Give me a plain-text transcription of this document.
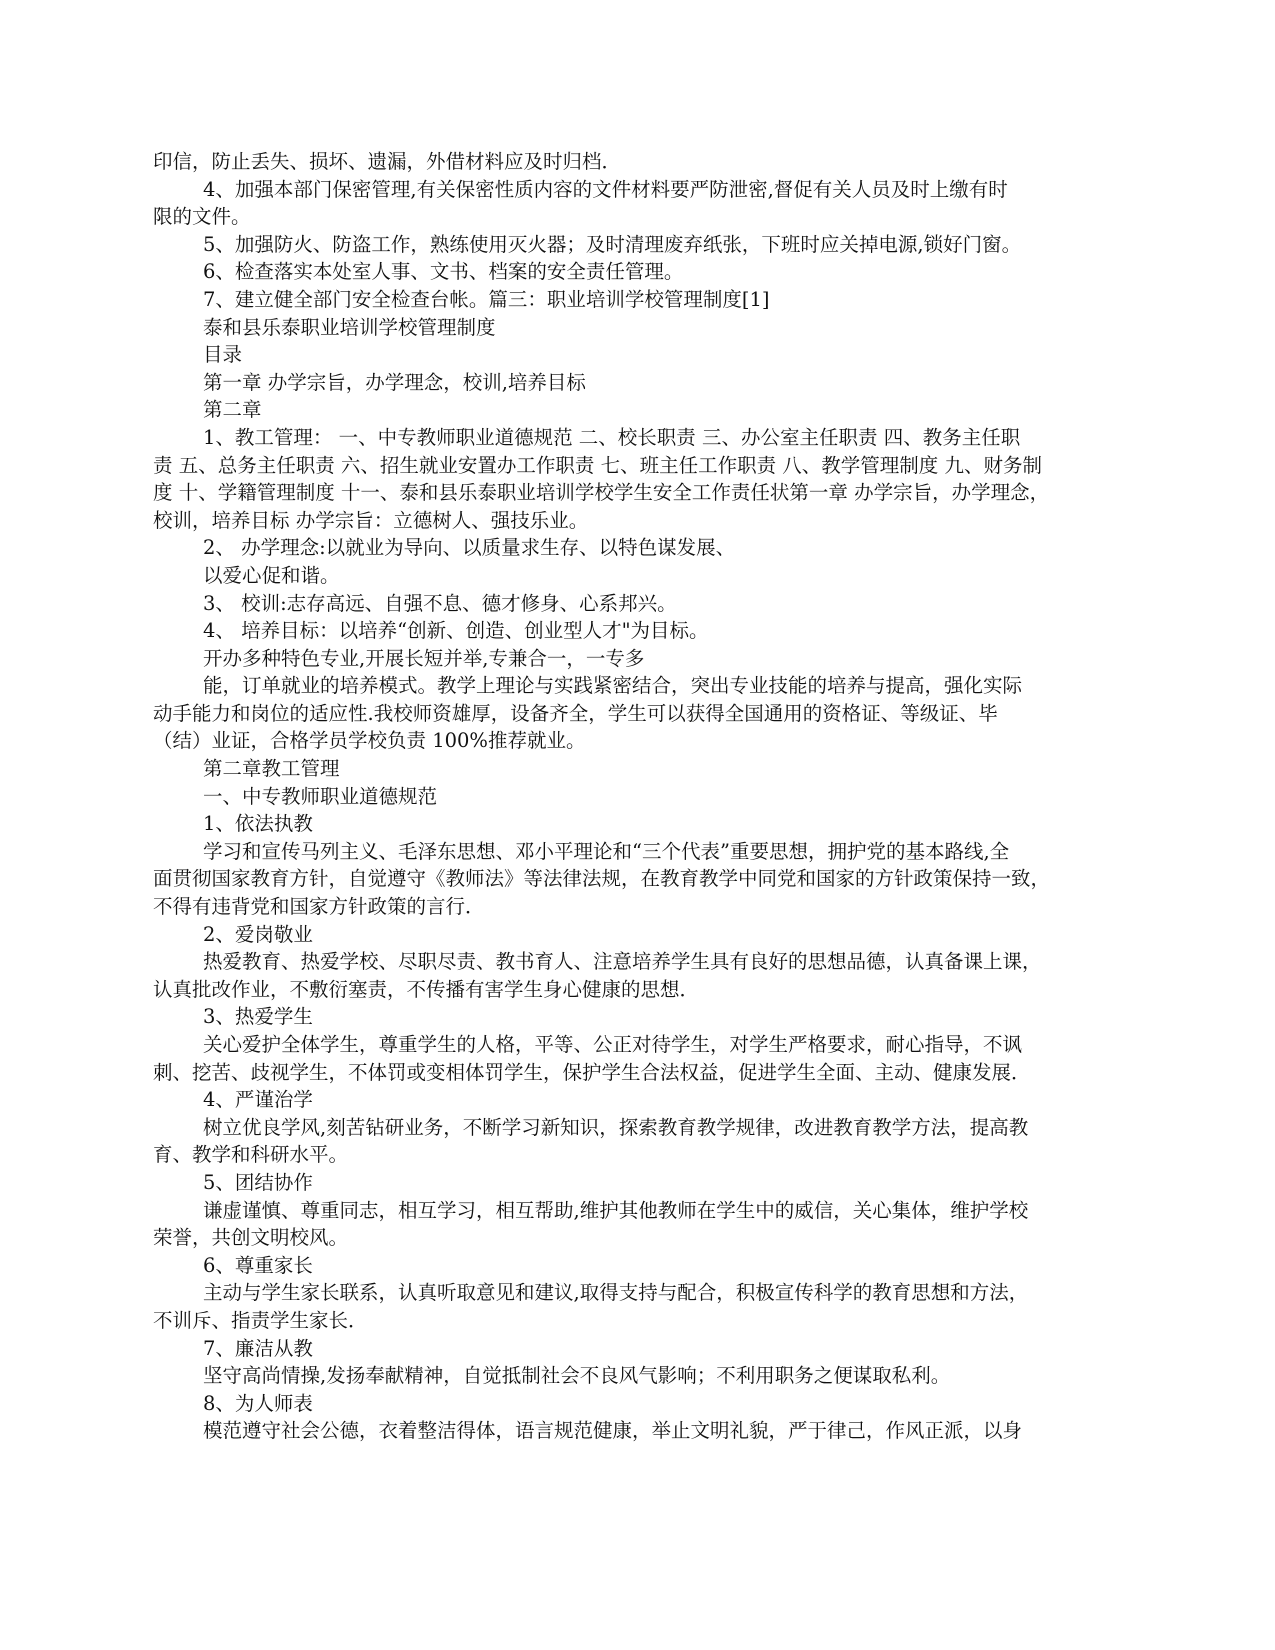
印信，防止丢失、损坏、遗漏，外借材料应及时归档．
4、加强本部门保密管理,有关保密性质内容的文件材料要严防泄密,督促有关人员及时上缴有时
限的文件。
5、加强防火、防盗工作，熟练使用灭火器；及时清理废弃纸张，下班时应关掉电源,锁好门窗。
6、检查落实本处室人事、文书、档案的安全责任管理。
7、建立健全部门安全检查台帐。篇三：职业培训学校管理制度[1]
泰和县乐泰职业培训学校管理制度
目录
第一章 办学宗旨，办学理念，校训,培养目标
第二章
1、教工管理： 一、中专教师职业道德规范 二、校长职责 三、办公室主任职责 四、教务主任职
责 五、总务主任职责 六、招生就业安置办工作职责 七、班主任工作职责 八、教学管理制度 九、财务制
度 十、学籍管理制度 十一、泰和县乐泰职业培训学校学生安全工作责任状第一章 办学宗旨，办学理念，
校训，培养目标 办学宗旨：立德树人、强技乐业。
2、 办学理念:以就业为导向、以质量求生存、以特色谋发展、
以爱心促和谐。
3、 校训:志存高远、自强不息、德才修身、心系邦兴。
4、 培养目标：以培养“创新、创造、创业型人才"为目标。
开办多种特色专业,开展长短并举,专兼合一，一专多
能，订单就业的培养模式。教学上理论与实践紧密结合，突出专业技能的培养与提高，强化实际
动手能力和岗位的适应性.我校师资雄厚，设备齐全，学生可以获得全国通用的资格证、等级证、毕
（结）业证，合格学员学校负责 100%推荐就业。
第二章教工管理
一、中专教师职业道德规范
1、依法执教
学习和宣传马列主义、毛泽东思想、邓小平理论和“三个代表”重要思想，拥护党的基本路线,全
面贯彻国家教育方针，自觉遵守《教师法》等法律法规，在教育教学中同党和国家的方针政策保持一致，
不得有违背党和国家方针政策的言行．
2、爱岗敬业
热爱教育、热爱学校、尽职尽责、教书育人、注意培养学生具有良好的思想品德，认真备课上课，
认真批改作业，不敷衍塞责，不传播有害学生身心健康的思想．
3、热爱学生
关心爱护全体学生，尊重学生的人格，平等、公正对待学生，对学生严格要求，耐心指导，不讽
刺、挖苦、歧视学生，不体罚或变相体罚学生，保护学生合法权益，促进学生全面、主动、健康发展．
4、严谨治学
树立优良学风,刻苦钻研业务，不断学习新知识，探索教育教学规律，改进教育教学方法，提高教
育、教学和科研水平。
5、团结协作
谦虚谨慎、尊重同志，相互学习，相互帮助,维护其他教师在学生中的威信，关心集体，维护学校
荣誉，共创文明校风。
6、尊重家长
主动与学生家长联系，认真听取意见和建议,取得支持与配合，积极宣传科学的教育思想和方法，
不训斥、指责学生家长．
7、廉洁从教
坚守高尚情操,发扬奉献精神，自觉抵制社会不良风气影响；不利用职务之便谋取私利。
8、为人师表
模范遵守社会公德，衣着整洁得体，语言规范健康，举止文明礼貌，严于律己，作风正派，以身
